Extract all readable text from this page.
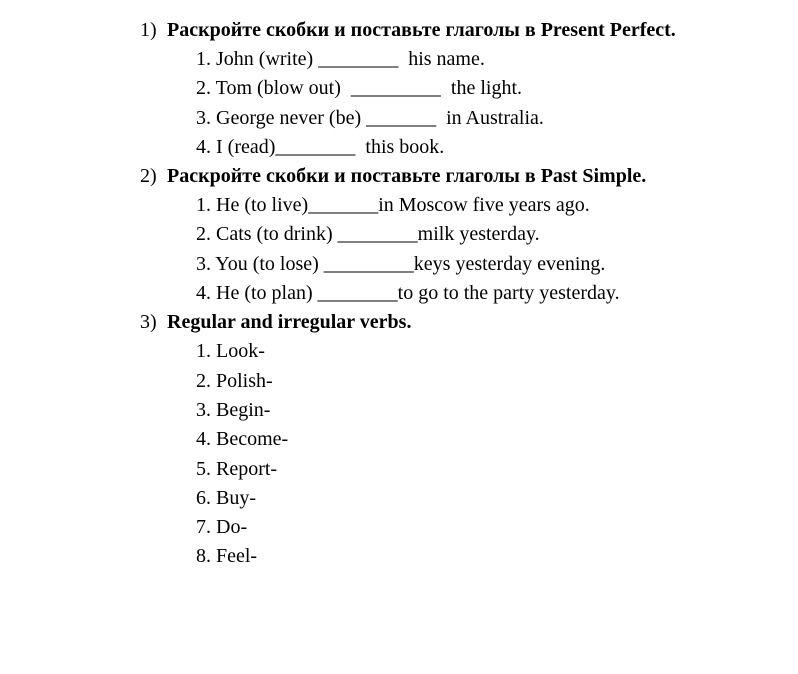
1) Раскройте скобки и поставьте глаголы в Present Perfect.
1. John (write) ________  his name.
2. Tom (blow out)  _________  the light.
3. George never (be) _______  in Australia.
4. I (read)________  this book.
2) Раскройте скобки и поставьте глаголы в Past Simple.
1. He (to live)_______in Moscow five years ago.
2. Cats (to drink) ________milk yesterday.
3. You (to lose) _________keys yesterday evening.
4. He (to plan) ________to go to the party yesterday.
3) Regular and irregular verbs.
1. Look-
2. Polish-
3. Begin-
4. Become-
5. Report-
6. Buy-
7. Do-
8. Feel-
